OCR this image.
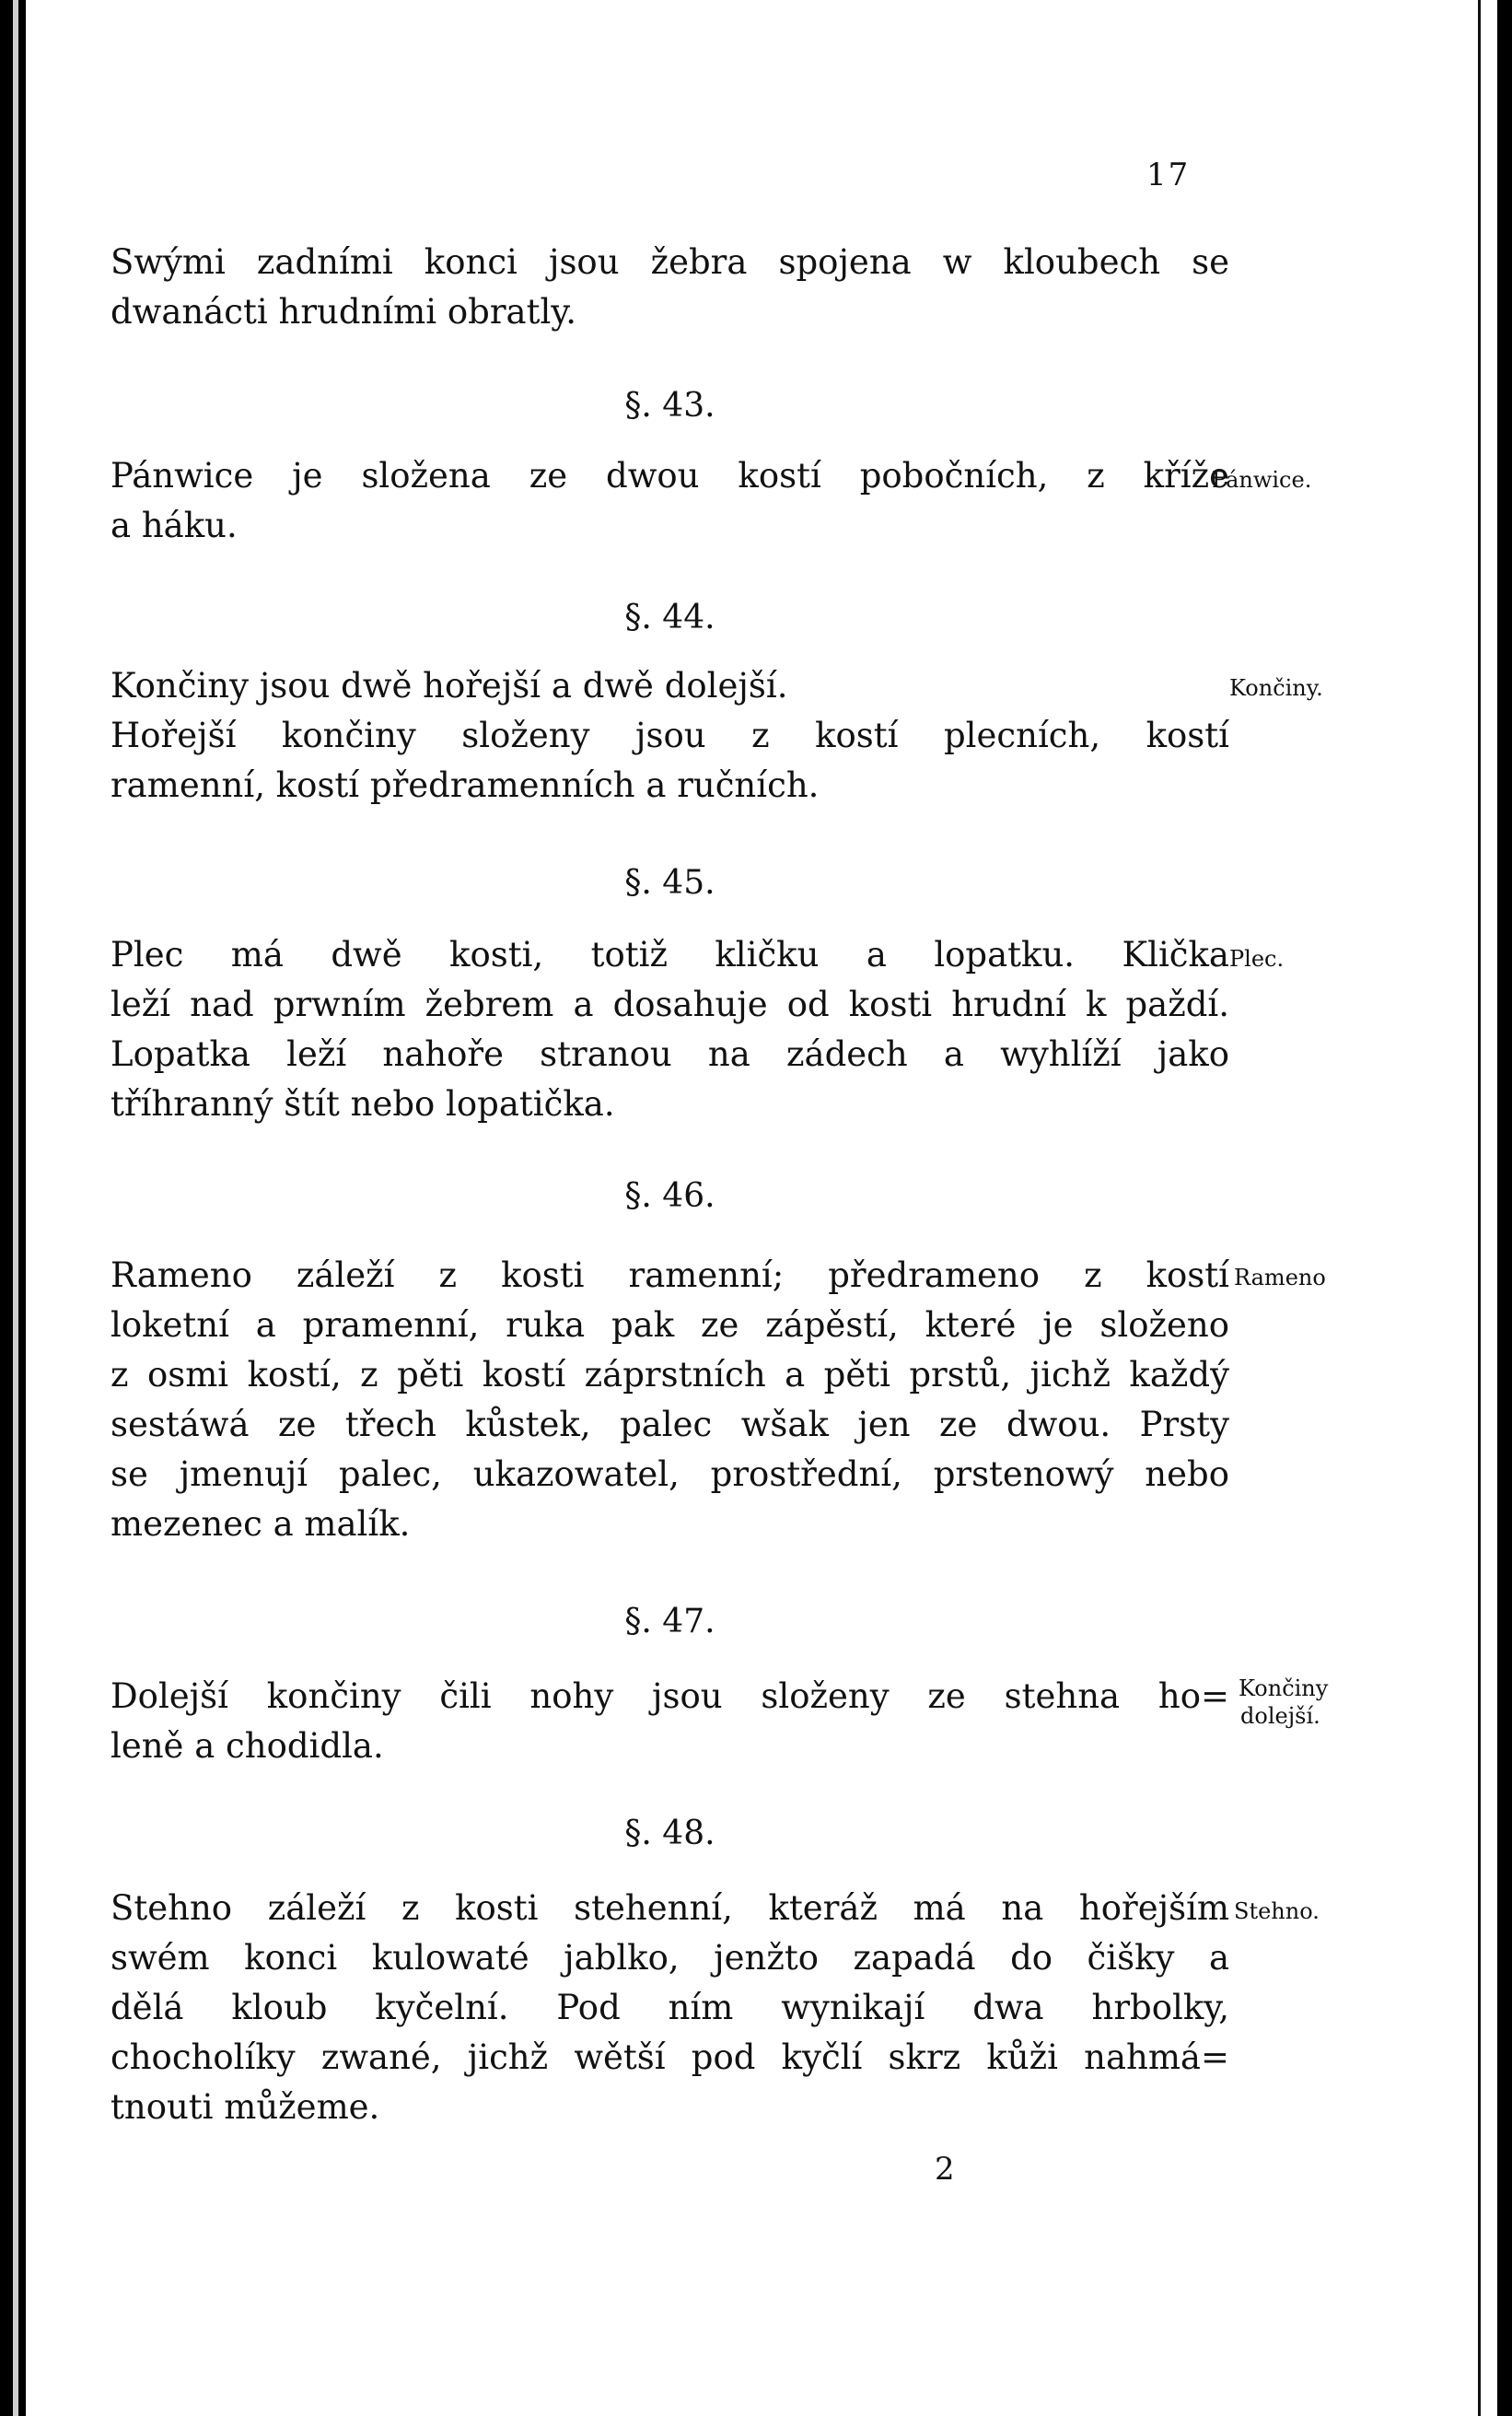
17
Swými zadními konci jsou žebra spojena w kloubech se
dwanácti hrudními obratly.
§. 43.
Pánwice je složena ze dwou kostí pobočních, z kříže
a háku.
Pánwice.
§. 44.
Končiny jsou dwě hořejší a dwě dolejší.
Hořejší končiny složeny jsou z kostí plecních, kostí
ramenní, kostí předramenních a ručních.
Končiny.
§. 45.
Plec má dwě kosti, totiž kličku a lopatku. Klička
leží nad prwním žebrem a dosahuje od kosti hrudní k paždí.
Lopatka leží nahoře stranou na zádech a wyhlíží jako
tříhranný štít nebo lopatička.
Plec.
§. 46.
Rameno záleží z kosti ramenní; předrameno z kostí
loketní a pramenní, ruka pak ze zápěstí, které je složeno
z osmi kostí, z pěti kostí záprstních a pěti prstů, jichž každý
sestáwá ze třech kůstek, palec wšak jen ze dwou. Prsty
se jmenují palec, ukazowatel, prostřední, prstenowý nebo
mezenec a malík.
Rameno
§. 47.
Dolejší končiny čili nohy jsou složeny ze stehna ho=
leně a chodidla.
Končiny
dolejší.
§. 48.
Stehno záleží z kosti stehenní, kteráž má na hořejším
swém konci kulowaté jablko, jenžto zapadá do čišky a
dělá kloub kyčelní. Pod ním wynikají dwa hrbolky,
chocholíky zwané, jichž wětší pod kyčlí skrz kůži nahmá=
tnouti můžeme.
Stehno.
2
